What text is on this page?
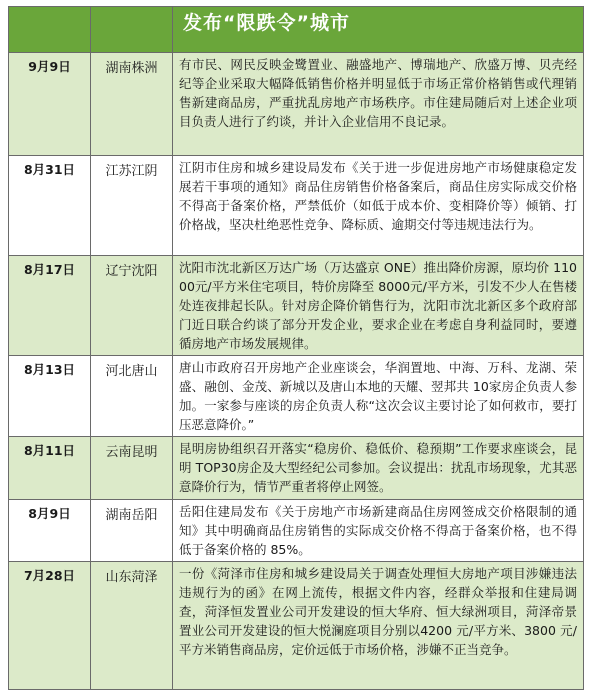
		发布“限跌令”城市
9月9日	湖南株洲	有市民、网民反映金鹭置业、融盛地产、博瑞地产、欣盛万博、贝壳经纪等企业采取大幅降低销售价格并明显低于市场正常价格销售或代理销售新建商品房，严重扰乱房地产市场秩序。市住建局随后对上述企业项目负责人进行了约谈，并计入企业信用不良记录。
8月31日	江苏江阴	江阴市住房和城乡建设局发布《关于进一步促进房地产市场健康稳定发展若干事项的通知》商品住房销售价格备案后，商品住房实际成交价格不得高于备案价格，严禁低价（如低于成本价、变相降价等）倾销、打价格战，坚决杜绝恶性竞争、降标质、逾期交付等违规违法行为。
8月17日	辽宁沈阳	沈阳市沈北新区万达广场（万达盛京 ONE）推出降价房源，原均价 11000元/平方米住宅项目，特价房降至 8000元/平方米，引发不少人在售楼处连夜排起长队。针对房企降价销售行为，沈阳市沈北新区多个政府部门近日联合约谈了部分开发企业，要求企业在考虑自身利益同时，要遵循房地产市场发展规律。
8月13日	河北唐山	唐山市政府召开房地产企业座谈会，华润置地、中海、万科、龙湖、荣盛、融创、金茂、新城以及唐山本地的天耀、翌邦共 10家房企负责人参加。一家参与座谈的房企负责人称“这次会议主要讨论了如何救市，要打压恶意降价。”
8月11日	云南昆明	昆明房协组织召开落实“稳房价、稳低价、稳预期”工作要求座谈会，昆明 TOP30房企及大型经纪公司参加。会议提出：扰乱市场现象，尤其恶意降价行为，情节严重者将停止网签。
8月9日	湖南岳阳	岳阳住建局发布《关于房地产市场新建商品住房网签成交价格限制的通知》其中明确商品住房销售的实际成交价格不得高于备案价格，也不得低于备案价格的 85%。
7月28日	山东菏泽	一份《菏泽市住房和城乡建设局关于调查处理恒大房地产项目涉嫌违法违规行为的函》在网上流传，根据文件内容，经群众举报和住建局调查，菏泽恒发置业公司开发建设的恒大华府、恒大绿洲项目，菏泽帝景置业公司开发建设的恒大悦澜庭项目分别以4200 元/平方米、3800 元/平方米销售商品房，定价远低于市场价格，涉嫌不正当竞争。
